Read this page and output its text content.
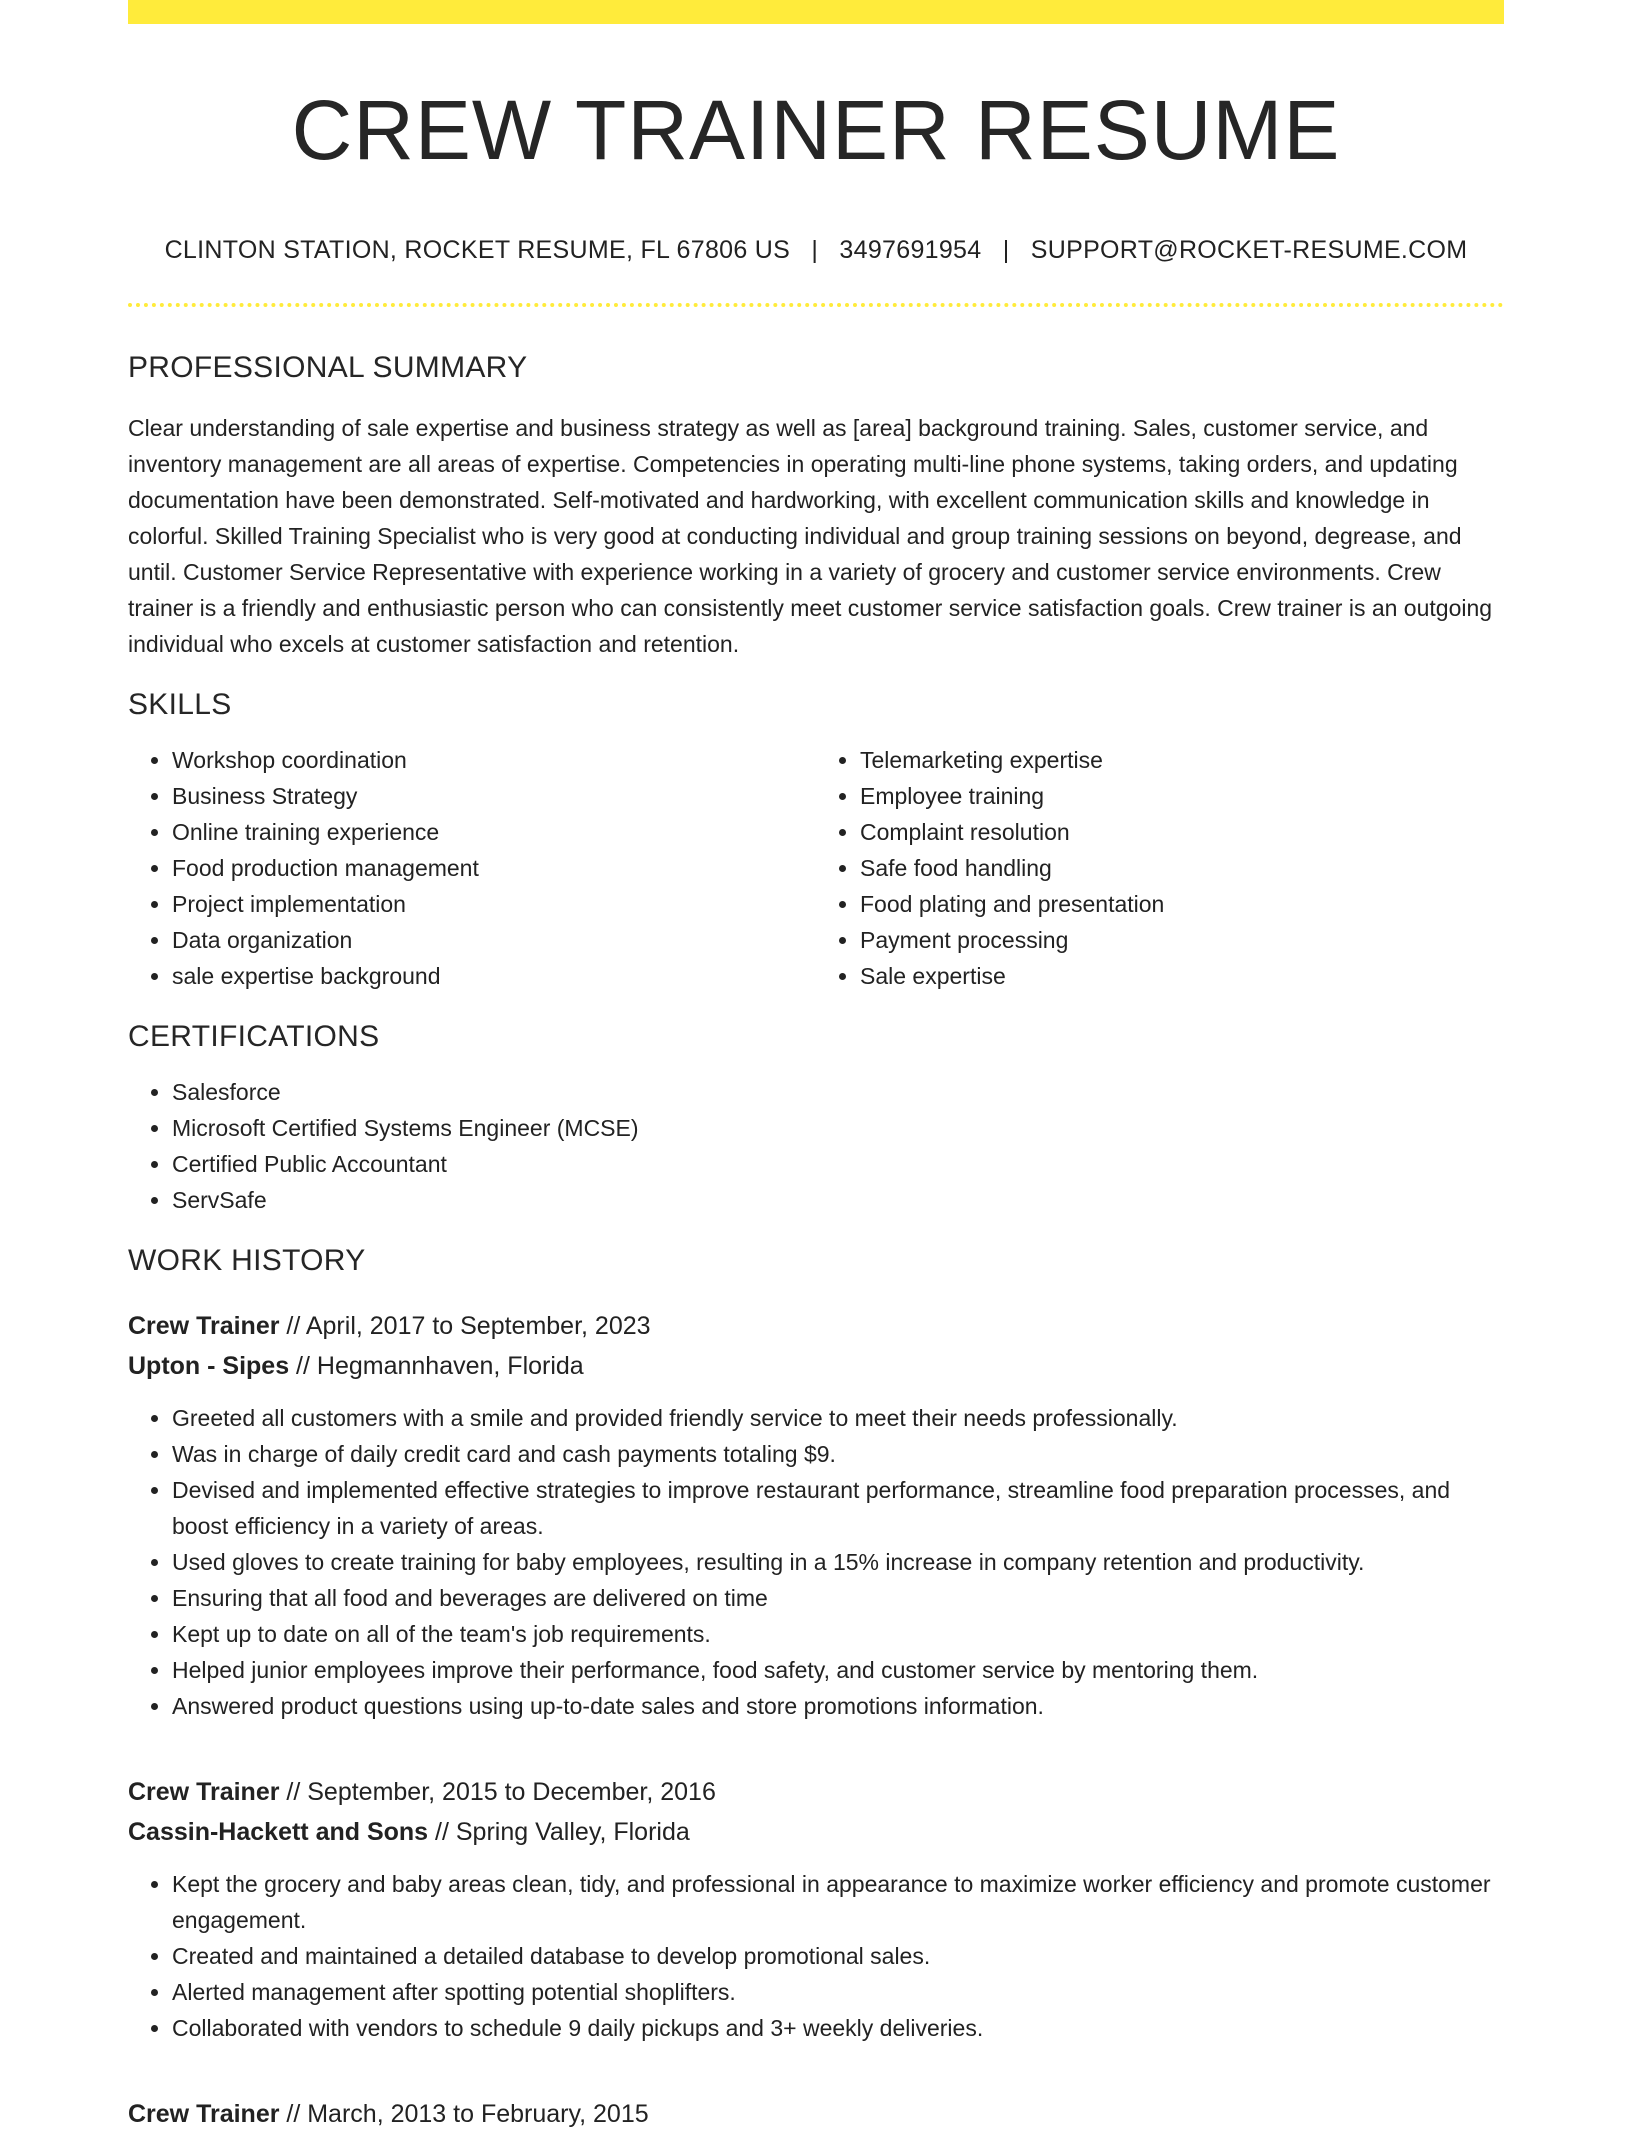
CREW TRAINER RESUME
CLINTON STATION, ROCKET RESUME, FL 67806 US | 3497691954 | SUPPORT@ROCKET-RESUME.COM
PROFESSIONAL SUMMARY

Clear understanding of sale expertise and business strategy as well as [area] background training. Sales, customer service, and inventory management are all areas of expertise. Competencies in operating multi-line phone systems, taking orders, and updating documentation have been demonstrated. Self-motivated and hardworking, with excellent communication skills and knowledge in colorful. Skilled Training Specialist who is very good at conducting individual and group training sessions on beyond, degrease, and until. Customer Service Representative with experience working in a variety of grocery and customer service environments. Crew trainer is a friendly and enthusiastic person who can consistently meet customer service satisfaction goals. Crew trainer is an outgoing individual who excels at customer satisfaction and retention.

SKILLS
• Workshop coordination
• Business Strategy
• Online training experience
• Food production management
• Project implementation
• Data organization
• sale expertise background
• Telemarketing expertise
• Employee training
• Complaint resolution
• Safe food handling
• Food plating and presentation
• Payment processing
• Sale expertise
CERTIFICATIONS
• Salesforce
• Microsoft Certified Systems Engineer (MCSE)
• Certified Public Accountant
• ServSafe
WORK HISTORY
Crew Trainer // April, 2017 to September, 2023
Upton - Sipes // Hegmannhaven, Florida
• Greeted all customers with a smile and provided friendly service to meet their needs professionally.
• Was in charge of daily credit card and cash payments totaling $9.
• Devised and implemented effective strategies to improve restaurant performance, streamline food preparation processes, and boost efficiency in a variety of areas.
• Used gloves to create training for baby employees, resulting in a 15% increase in company retention and productivity.
• Ensuring that all food and beverages are delivered on time
• Kept up to date on all of the team's job requirements.
• Helped junior employees improve their performance, food safety, and customer service by mentoring them.
• Answered product questions using up-to-date sales and store promotions information.
Crew Trainer // September, 2015 to December, 2016
Cassin-Hackett and Sons // Spring Valley, Florida
• Kept the grocery and baby areas clean, tidy, and professional in appearance to maximize worker efficiency and promote customer engagement.
• Created and maintained a detailed database to develop promotional sales.
• Alerted management after spotting potential shoplifters.
• Collaborated with vendors to schedule 9 daily pickups and 3+ weekly deliveries.
Crew Trainer // March, 2013 to February, 2015
